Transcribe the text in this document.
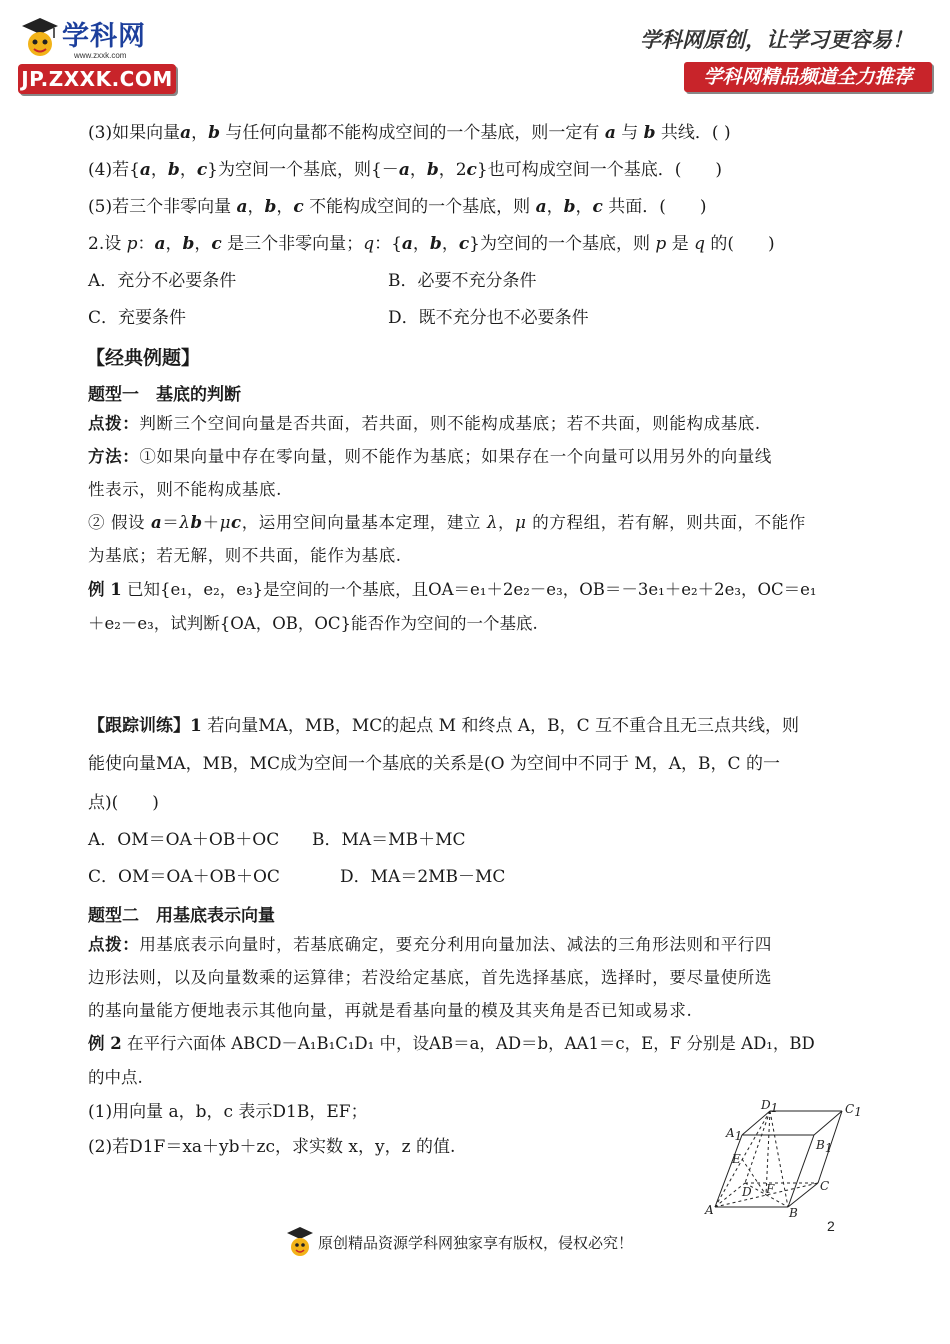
学科网
www.zxxk.com
JP.ZXXK.COM
学科网原创，让学习更容易！
学科网精品频道全力推荐
(3)如果向量a，b 与任何向量都不能构成空间的一个基底，则一定有 a 与 b 共线．( )
(4)若{a，b，c}为空间一个基底，则{－a，b，2c}也可构成空间一个基底．(　　)
(5)若三个非零向量 a，b，c 不能构成空间的一个基底，则 a，b，c 共面．(　　)
2.设 p：a，b，c 是三个非零向量；q：{a，b，c}为空间的一个基底，则 p 是 q 的(　　)
A．充分不必要条件	B．必要不充分条件
C．充要条件	D．既不充分也不必要条件
【经典例题】
题型一　基底的判断
点拨：判断三个空间向量是否共面，若共面，则不能构成基底；若不共面，则能构成基底.
方法：①如果向量中存在零向量，则不能作为基底；如果存在一个向量可以用另外的向量线
性表示，则不能构成基底.
② 假设 a＝λb＋μc，运用空间向量基本定理，建立 λ，μ 的方程组，若有解，则共面，不能作
为基底；若无解，则不共面，能作为基底.
例 1 已知{e₁，e₂，e₃}是空间的一个基底，且OA＝e₁＋2e₂－e₃，OB＝－3e₁＋e₂＋2e₃，OC＝e₁
＋e₂－e₃，试判断{OA，OB，OC}能否作为空间的一个基底.
【跟踪训练】1 若向量MA，MB，MC的起点 M 和终点 A，B，C 互不重合且无三点共线，则
能使向量MA，MB，MC成为空间一个基底的关系是(O 为空间中不同于 M，A，B，C 的一
点)(　　)
A．OM＝OA＋OB＋OC B．MA＝MB＋MC
C．OM＝OA＋OB＋OC	D．MA＝2MB－MC
题型二　用基底表示向量
点拨：用基底表示向量时，若基底确定，要充分利用向量加法、减法的三角形法则和平行四
边形法则，以及向量数乘的运算律；若没给定基底，首先选择基底，选择时，要尽量使所选
的基向量能方便地表示其他向量，再就是看基向量的模及其夹角是否已知或易求.
例 2 在平行六面体 ABCD－A₁B₁C₁D₁ 中，设AB＝a，AD＝b，AA1＝c，E，F 分别是 AD₁，BD
的中点.
(1)用向量 a，b，c 表示D1B，EF；
(2)若D1F＝xa＋yb＋zc，求实数 x，y，z 的值.
D1	C1
A1
B1
E
D F	C
A	B
2
原创精品资源学科网独家享有版权，侵权必究！
